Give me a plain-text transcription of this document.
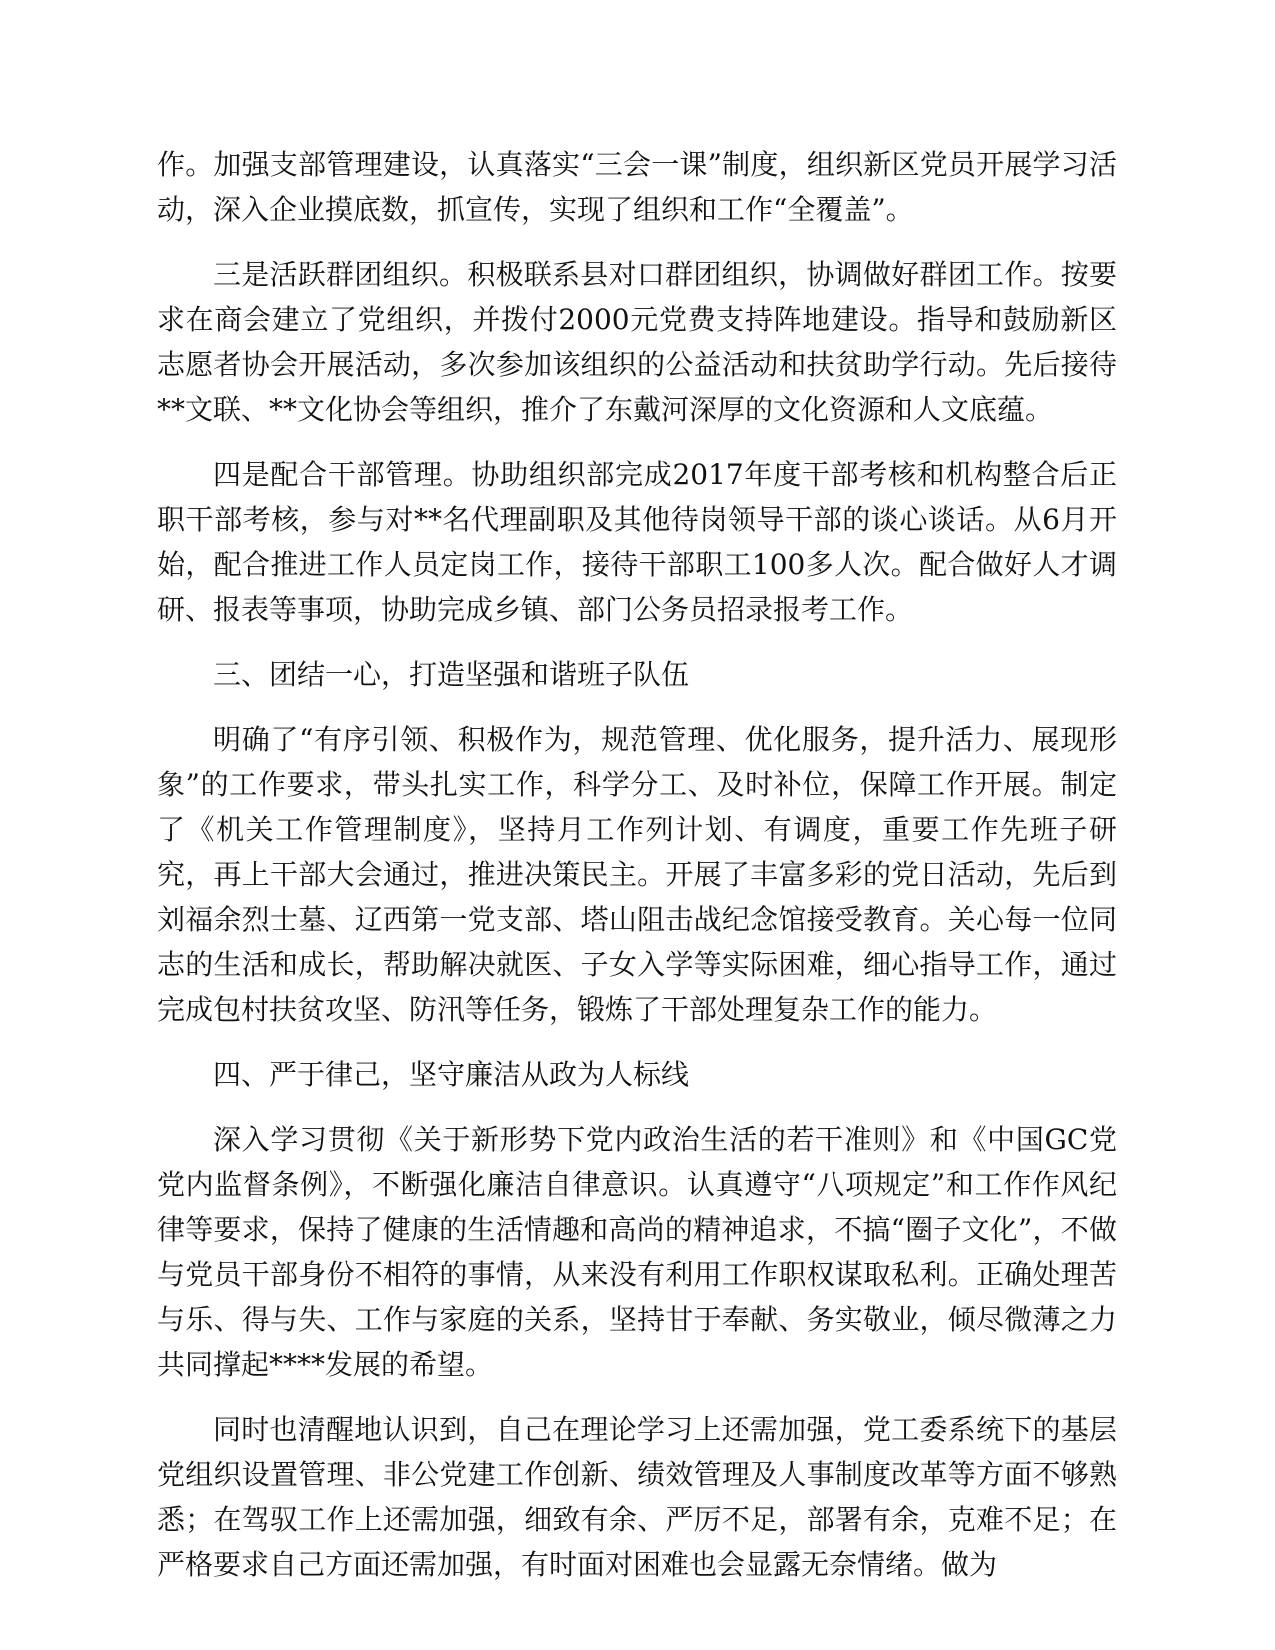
作。加强支部管理建设，认真落实“三会一课”制度，组织新区党员开展学习活动，深入企业摸底数，抓宣传，实现了组织和工作“全覆盖”。

三是活跃群团组织。积极联系县对口群团组织，协调做好群团工作。按要求在商会建立了党组织，并拨付2000元党费支持阵地建设。指导和鼓励新区志愿者协会开展活动，多次参加该组织的公益活动和扶贫助学行动。先后接待**文联、**文化协会等组织，推介了东戴河深厚的文化资源和人文底蕴。

四是配合干部管理。协助组织部完成2017年度干部考核和机构整合后正职干部考核，参与对**名代理副职及其他待岗领导干部的谈心谈话。从6月开始，配合推进工作人员定岗工作，接待干部职工100多人次。配合做好人才调研、报表等事项，协助完成乡镇、部门公务员招录报考工作。

三、团结一心，打造坚强和谐班子队伍

明确了“有序引领、积极作为，规范管理、优化服务，提升活力、展现形象”的工作要求，带头扎实工作，科学分工、及时补位，保障工作开展。制定了《机关工作管理制度》，坚持月工作列计划、有调度，重要工作先班子研究，再上干部大会通过，推进决策民主。开展了丰富多彩的党日活动，先后到刘福余烈士墓、辽西第一党支部、塔山阻击战纪念馆接受教育。关心每一位同志的生活和成长，帮助解决就医、子女入学等实际困难，细心指导工作，通过完成包村扶贫攻坚、防汛等任务，锻炼了干部处理复杂工作的能力。

四、严于律己，坚守廉洁从政为人标线

深入学习贯彻《关于新形势下党内政治生活的若干准则》和《中国GC党党内监督条例》，不断强化廉洁自律意识。认真遵守“八项规定”和工作作风纪律等要求，保持了健康的生活情趣和高尚的精神追求，不搞“圈子文化”，不做与党员干部身份不相符的事情，从来没有利用工作职权谋取私利。正确处理苦与乐、得与失、工作与家庭的关系，坚持甘于奉献、务实敬业，倾尽微薄之力共同撑起****发展的希望。

同时也清醒地认识到，自己在理论学习上还需加强，党工委系统下的基层党组织设置管理、非公党建工作创新、绩效管理及人事制度改革等方面不够熟悉；在驾驭工作上还需加强，细致有余、严厉不足，部署有余，克难不足；在严格要求自己方面还需加强，有时面对困难也会显露无奈情绪。做为
